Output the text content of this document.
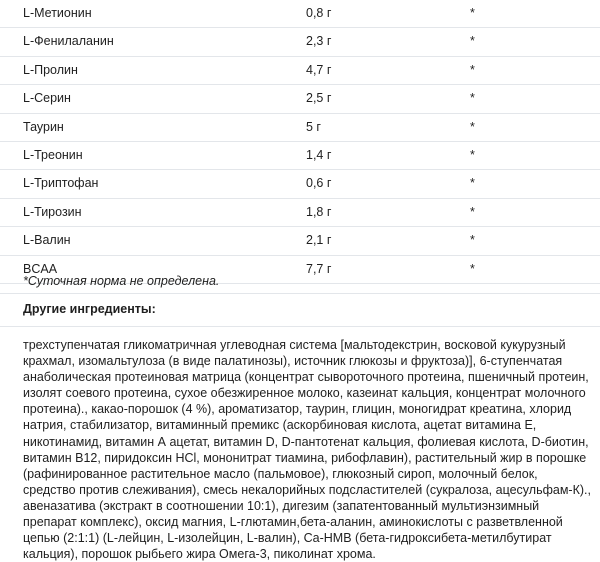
L-Метионин	0,8 г	*
L-Фенилаланин	2,3 г	*
L-Пролин	4,7 г	*
L-Серин	2,5 г	*
Таурин	5 г	*
L-Треонин	1,4 г	*
L-Триптофан	0,6 г	*
L-Тирозин	1,8 г	*
L-Валин	2,1 г	*
BCAA	7,7 г	*
*Суточная норма не определена.
Другие ингредиенты:
трехступенчатая гликоматричная углеводная система [мальтодекстрин, восковой кукурузный крахмал, изомальтулоза (в виде палатинозы), источник глюкозы и фруктоза)], 6-ступенчатая анаболическая протеиновая матрица (концентрат сывороточного протеина, пшеничный протеин, изолят соевого протеина, сухое обезжиренное молоко, казеинат кальция, концентрат молочного протеина)., какао-порошок (4 %), ароматизатор, таурин, глицин, моногидрат креатина, хлорид натрия, стабилизатор, витаминный премикс (аскорбиновая кислота, ацетат витамина Е, никотинамид, витамин А ацетат, витамин D, D-пантотенат кальция, фолиевая кислота, D-биотин, витамин B12, пиридоксин HCl, мононитрат тиамина, рибофлавин), растительный жир в порошке (рафинированное растительное масло (пальмовое), глюкозный сироп, молочный белок, средство против слеживания), смесь некалорийных подсластителей (сукралоза, ацесульфам-К)., авеназатива (экстракт в соотношении 10:1), дигезим (запатентованный мультиэнзимный препарат комплекс), оксид магния, L-глютамин,бета-аланин, аминокислоты с разветвленной цепью (2:1:1) (L-лейцин, L-изолейцин, L-валин), Ca-HMB (бета-гидроксибета-метилбутират кальция), порошок рыбьего жира Омега-3, пиколинат хрома.
